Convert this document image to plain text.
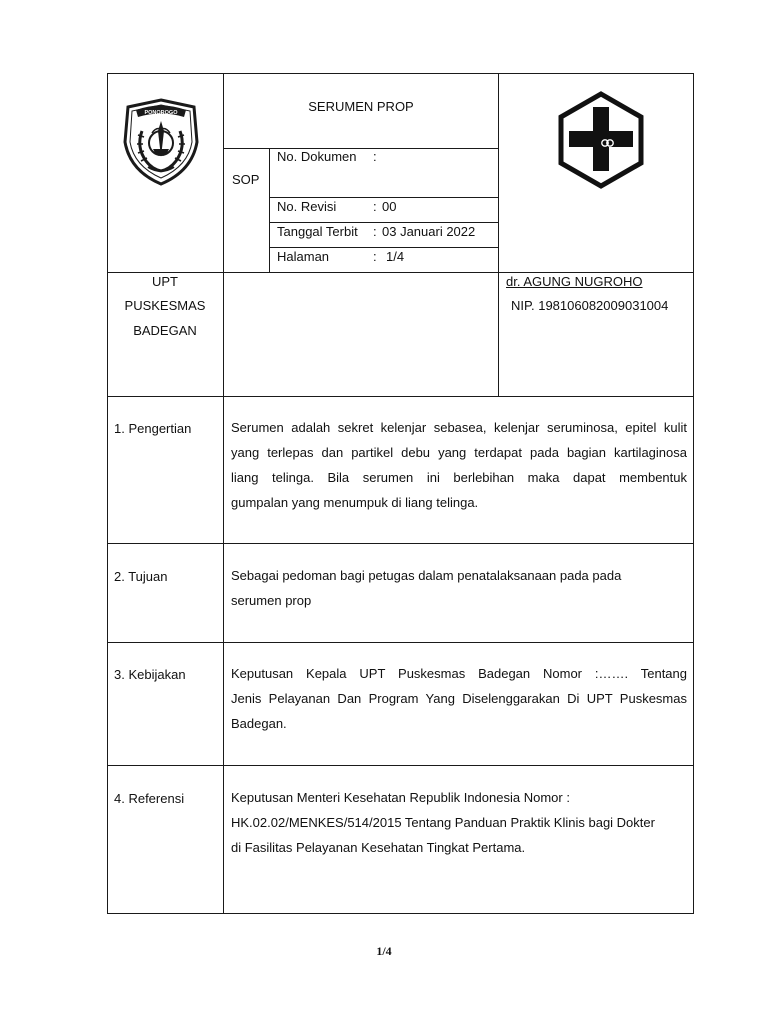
PONOROGO	SERUMEN PROP
SOP
No. Dokumen :
No. Revisi	: 00
Tanggal Terbit : 03 Januari 2022
Halaman	: 1/4
UPT
PUSKESMAS
BADEGAN
dr. AGUNG NUGROHO
NIP. 198106082009031004
1. Pengertian	Serumen adalah sekret kelenjar sebasea, kelenjar seruminosa, epitel kulit
yang terlepas dan partikel debu yang terdapat pada bagian kartilaginosa
liang telinga. Bila serumen ini berlebihan maka dapat membentuk
gumpalan yang menumpuk di liang telinga.
2. Tujuan	Sebagai pedoman bagi petugas dalam penatalaksanaan pada pada
serumen prop
3. Kebijakan	Keputusan Kepala UPT Puskesmas Badegan Nomor :……. Tentang
Jenis Pelayanan Dan Program Yang Diselenggarakan Di UPT Puskesmas
Badegan.
4. Referensi	Keputusan Menteri Kesehatan Republik Indonesia Nomor :
HK.02.02/MENKES/514/2015 Tentang Panduan Praktik Klinis bagi Dokter
di Fasilitas Pelayanan Kesehatan Tingkat Pertama.
1/4
